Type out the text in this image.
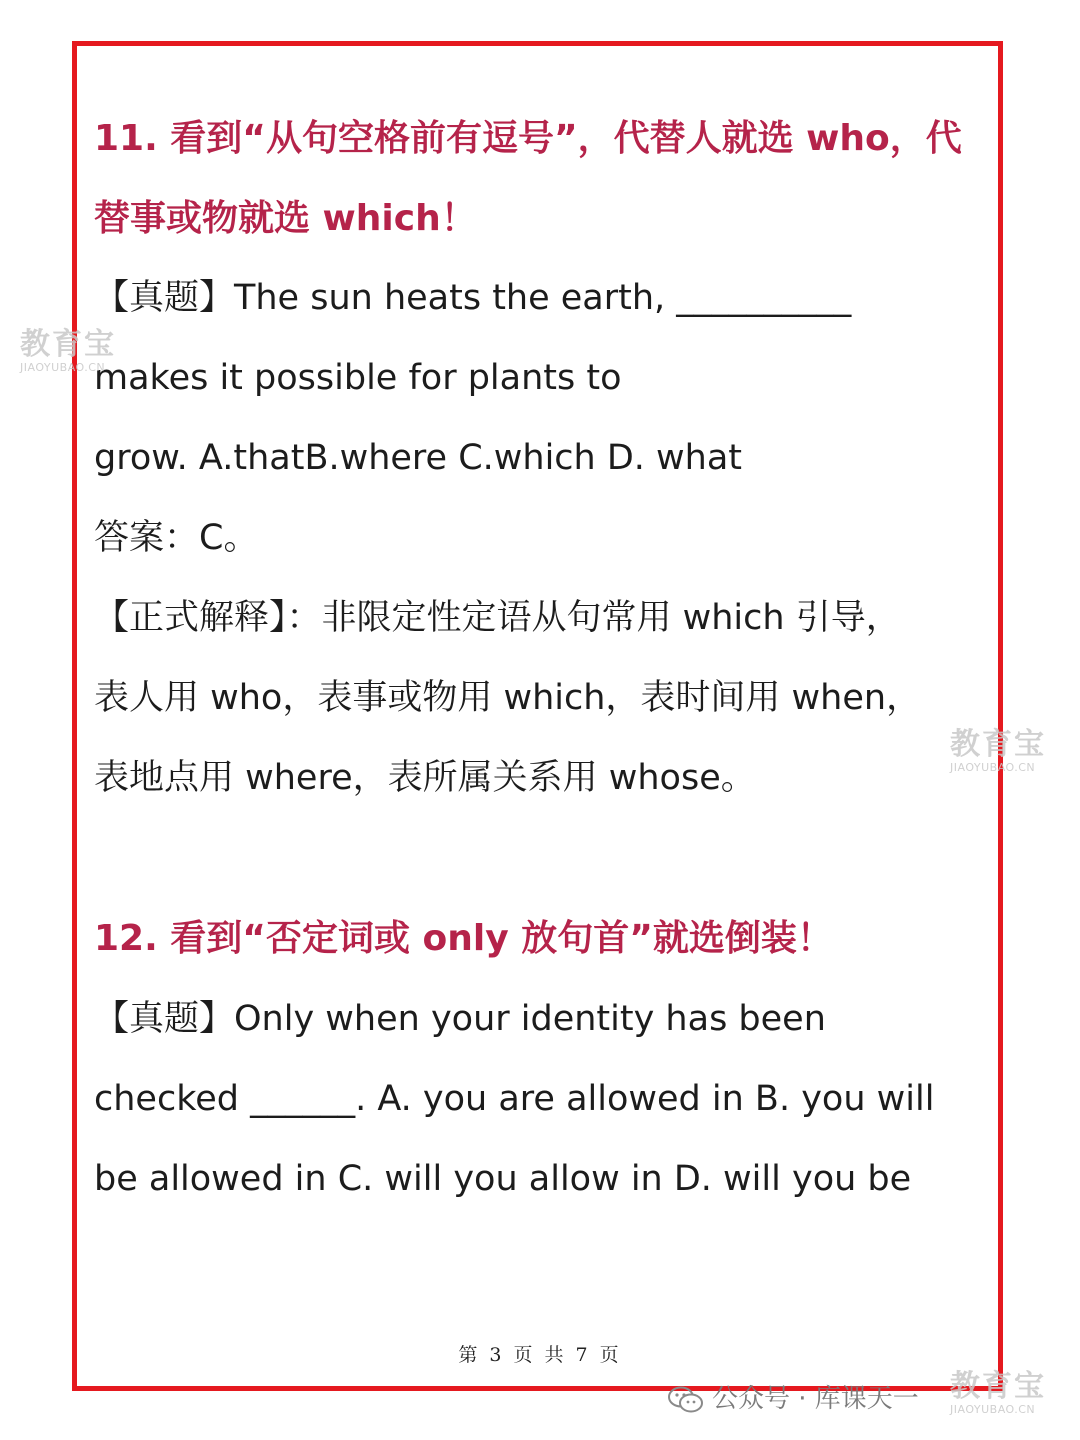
11. 看到“从句空格前有逗号”，代替人就选 who，代
替事或物就选 which！
【真题】The sun heats the earth, __________
makes it possible for plants to
grow. A.thatB.where C.which D. what
答案：C。
【正式解释】：非限定性定语从句常用 which 引导，
表人用 who，表事或物用 which，表时间用 when，
表地点用 where，表所属关系用 whose。
12. 看到“否定词或 only 放句首”就选倒装！
【真题】Only when your identity has been
checked ______. A. you are allowed in B. you will
be allowed in C. will you allow in D. will you be
第 3 页 共 7 页
教育宝
JIAOYUBAO.CN
教育宝
JIAOYUBAO.CN
教育宝
JIAOYUBAO.CN
公众号 · 库课天一
